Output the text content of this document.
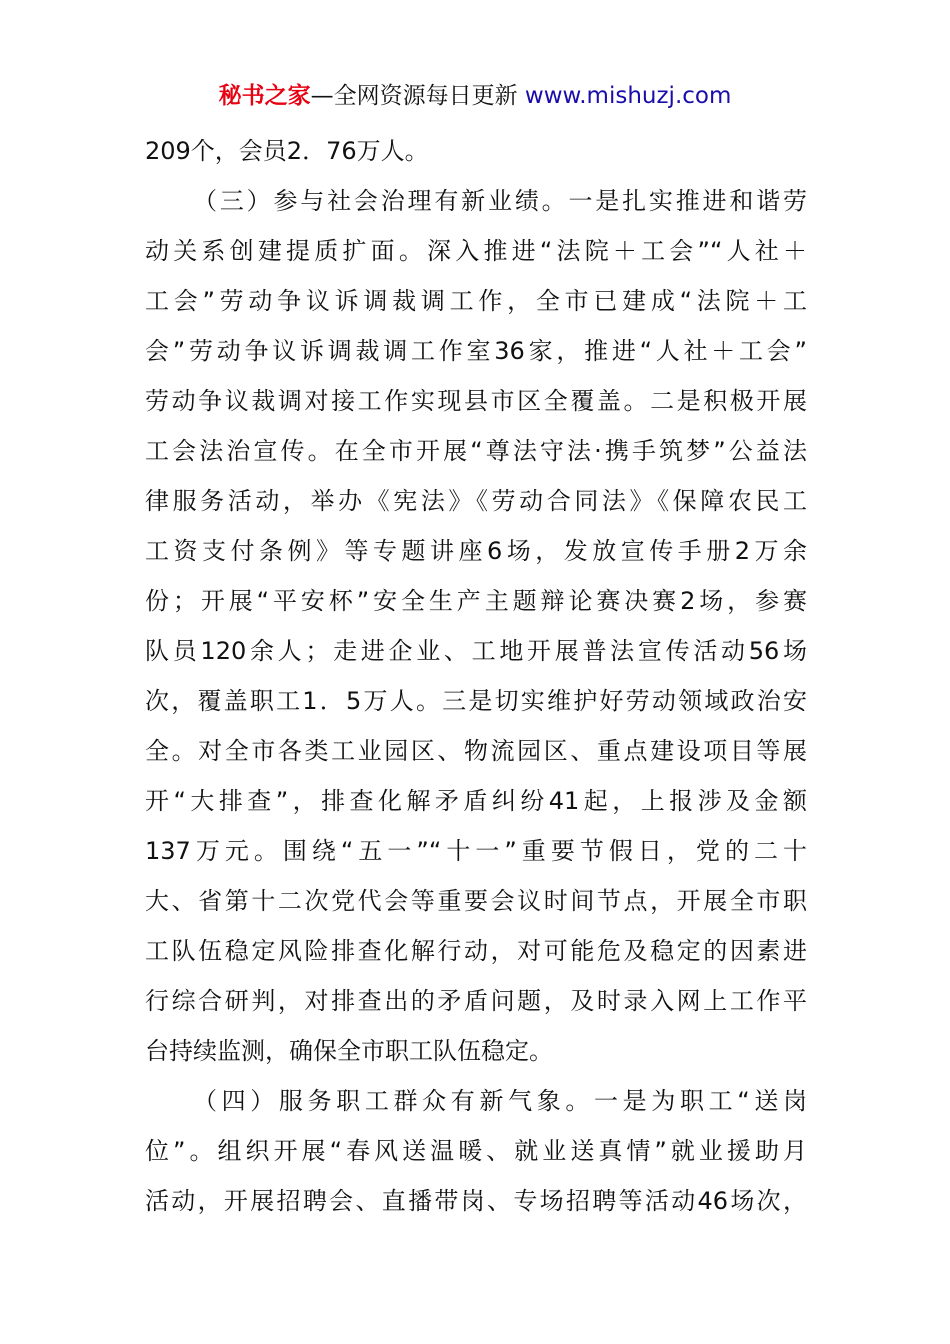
秘书之家—全网资源每日更新 www.mishuzj.com
209个，会员2．76万人。
（三）参与社会治理有新业绩。一是扎实推进和谐劳
动关系创建提质扩面。深入推进“法院＋工会”“人社＋
工会”劳动争议诉调裁调工作，全市已建成“法院＋工
会”劳动争议诉调裁调工作室36家，推进“人社＋工会”
劳动争议裁调对接工作实现县市区全覆盖。二是积极开展
工会法治宣传。在全市开展“尊法守法·携手筑梦”公益法
律服务活动，举办《宪法》《劳动合同法》《保障农民工
工资支付条例》等专题讲座6场，发放宣传手册2万余
份；开展“平安杯”安全生产主题辩论赛决赛2场，参赛
队员120余人；走进企业、工地开展普法宣传活动56场
次，覆盖职工1．5万人。三是切实维护好劳动领域政治安
全。对全市各类工业园区、物流园区、重点建设项目等展
开“大排查”，排查化解矛盾纠纷41起，上报涉及金额
137万元。围绕“五一”“十一”重要节假日，党的二十
大、省第十二次党代会等重要会议时间节点，开展全市职
工队伍稳定风险排查化解行动，对可能危及稳定的因素进
行综合研判，对排查出的矛盾问题，及时录入网上工作平
台持续监测，确保全市职工队伍稳定。
（四）服务职工群众有新气象。一是为职工“送岗
位”。组织开展“春风送温暖、就业送真情”就业援助月
活动，开展招聘会、直播带岗、专场招聘等活动46场次，
